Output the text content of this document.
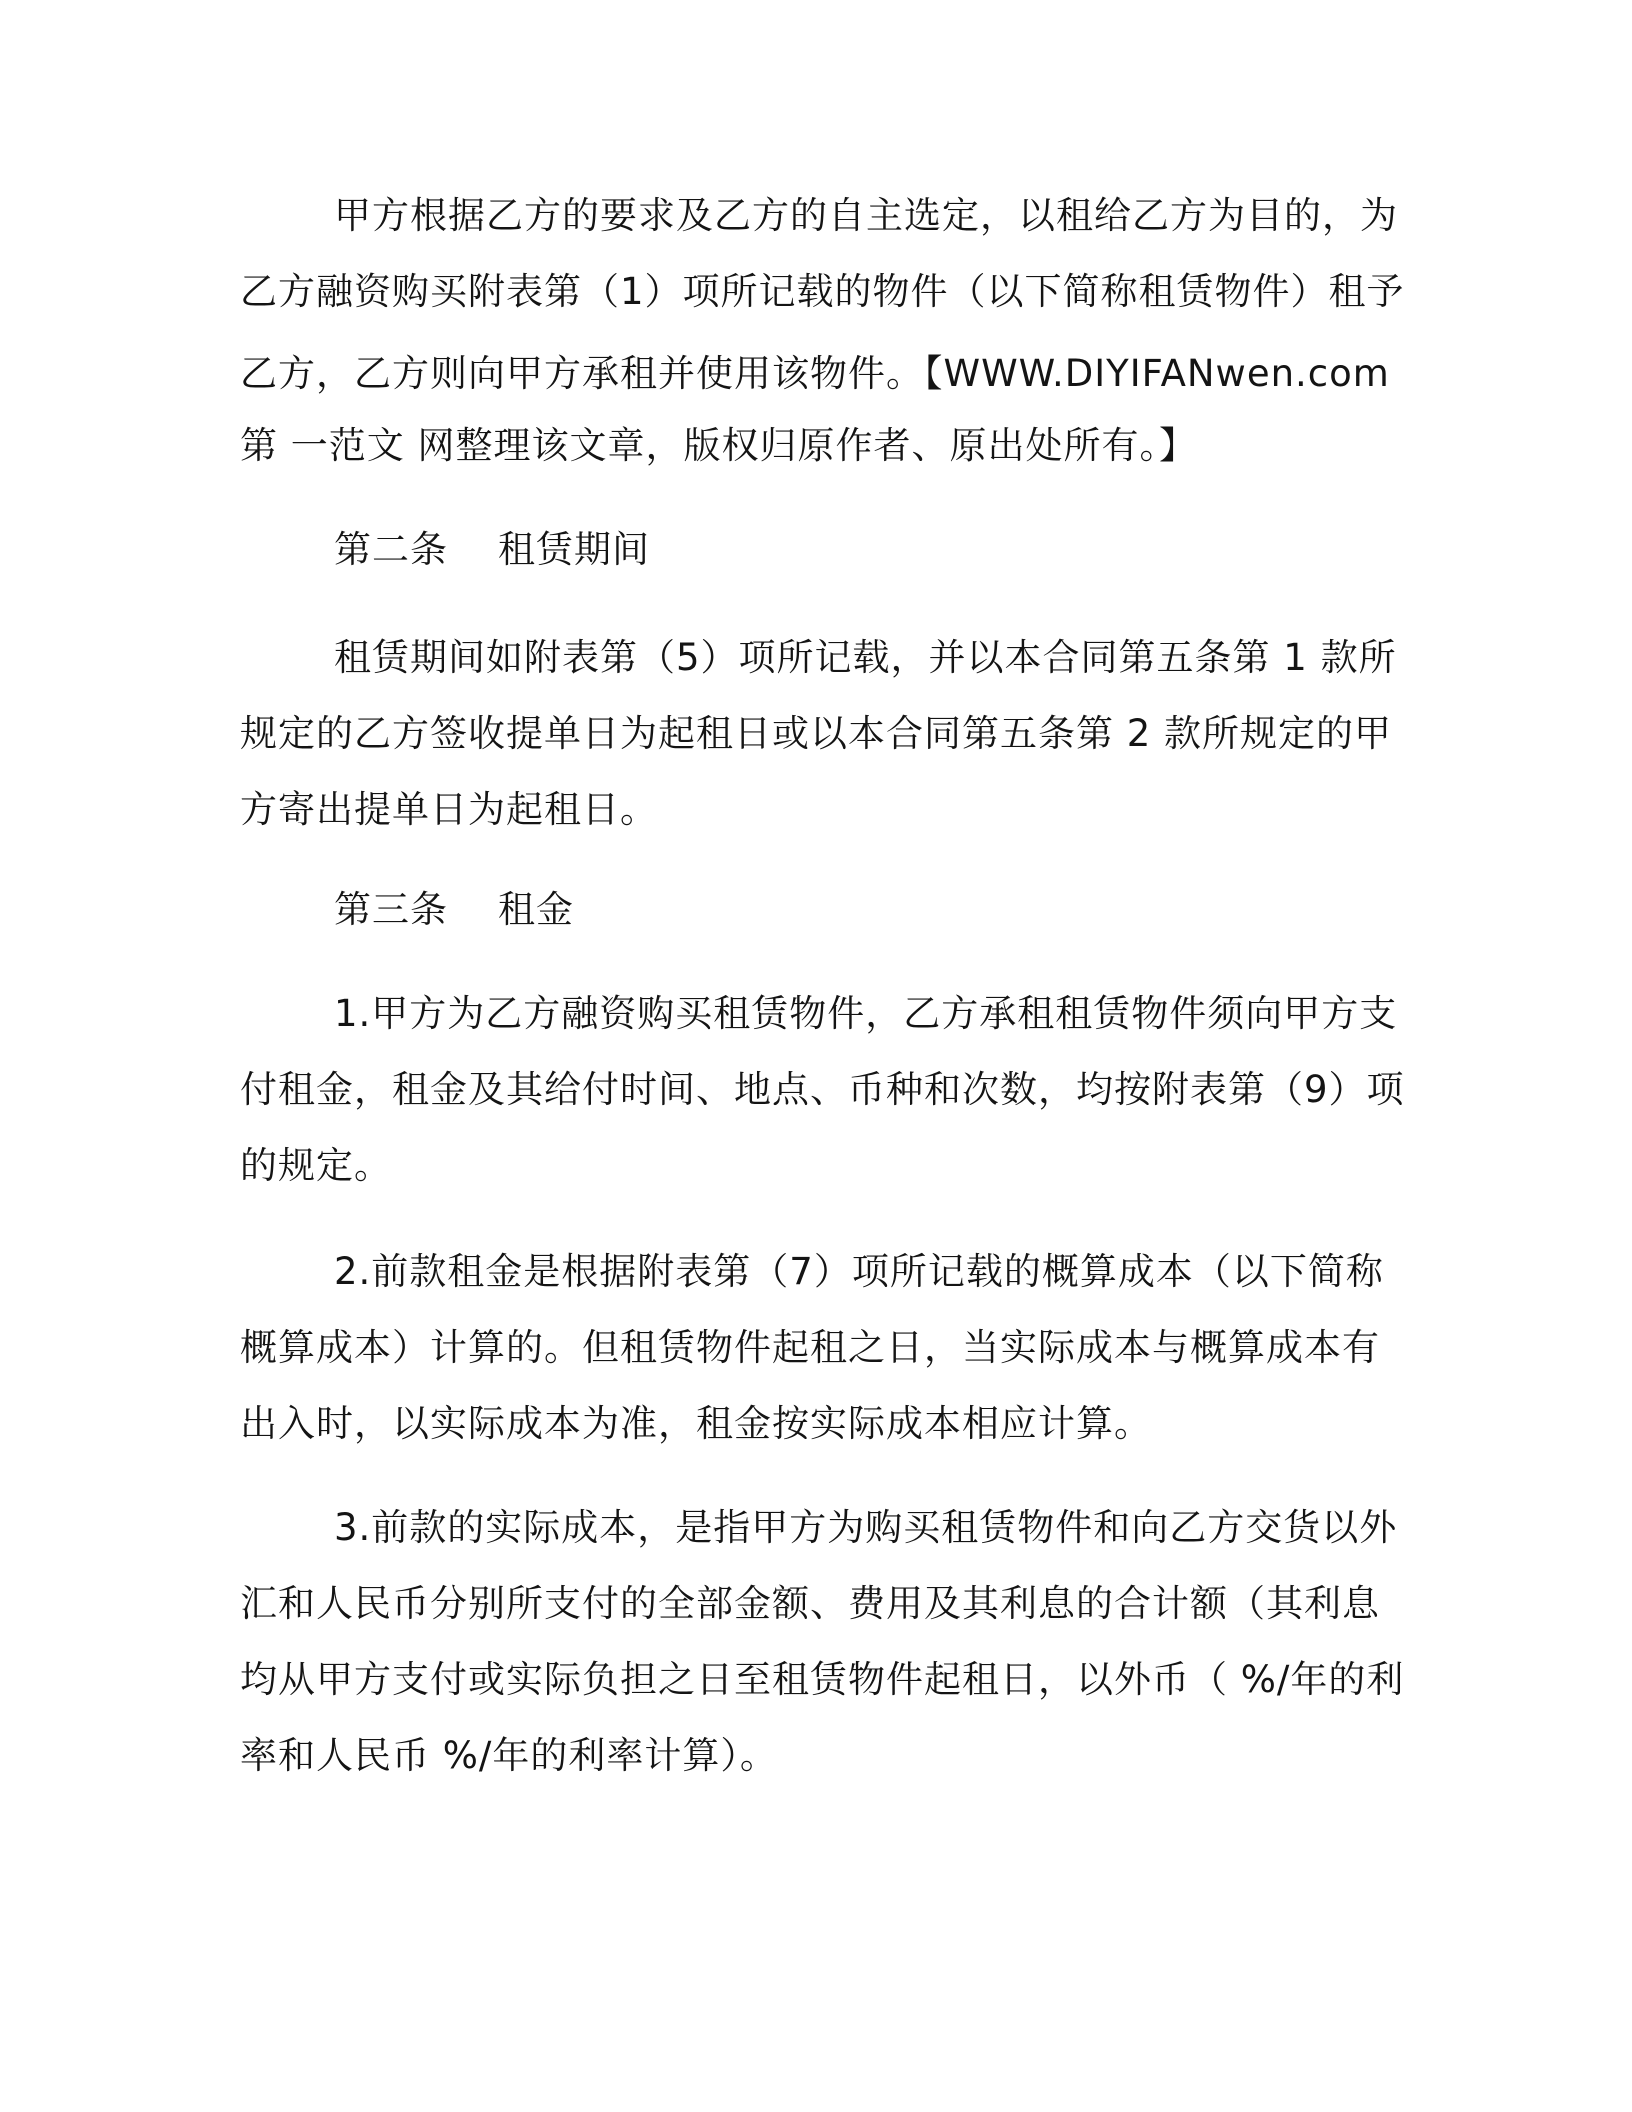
甲方根据乙方的要求及乙方的自主选定，以租给乙方为目的，为
乙方融资购买附表第（1）项所记载的物件（以下简称租赁物件）租予
乙方，乙方则向甲方承租并使用该物件。【WWW.DIYIFANwen.com
第 一范文 网整理该文章，版权归原作者、原出处所有。】
第二条 租赁期间
租赁期间如附表第（5）项所记载，并以本合同第五条第 1 款所
规定的乙方签收提单日为起租日或以本合同第五条第 2 款所规定的甲
方寄出提单日为起租日。
第三条 租金
1.甲方为乙方融资购买租赁物件，乙方承租租赁物件须向甲方支
付租金，租金及其给付时间、地点、币种和次数，均按附表第（9）项
的规定。
2.前款租金是根据附表第（7）项所记载的概算成本（以下简称
概算成本）计算的。但租赁物件起租之日，当实际成本与概算成本有
出入时，以实际成本为准，租金按实际成本相应计算。
3.前款的实际成本，是指甲方为购买租赁物件和向乙方交货以外
汇和人民币分别所支付的全部金额、费用及其利息的合计额（其利息
均从甲方支付或实际负担之日至租赁物件起租日，以外币（ %/年的利
率和人民币 %/年的利率计算）。
